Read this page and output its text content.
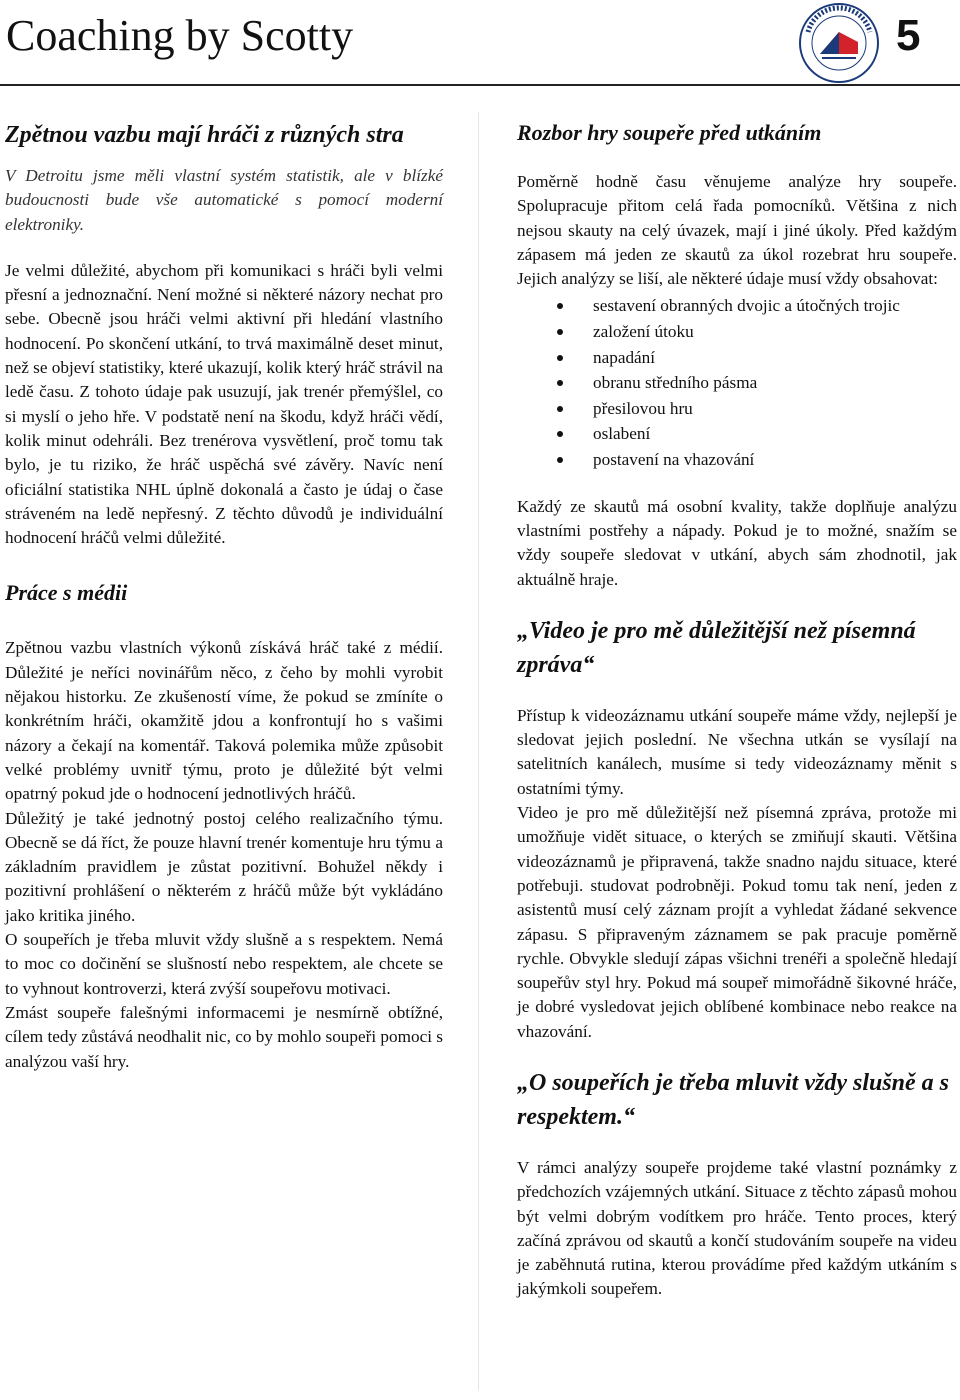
Coaching by Scotty	5
Zpětnou vazbu mají hráči z různých stra

V Detroitu jsme měli vlastní systém statistik, ale v blízké budoucnosti bude vše automatické s pomocí moderní elektroniky.

Je velmi důležité, abychom při komunikaci s hráči byli velmi přesní a jednoznační. Není možné si některé názory nechat pro sebe. Obecně jsou hráči velmi aktivní při hledání vlastního hodnocení. Po skončení utkání, to trvá maximálně deset minut, než se objeví statistiky, které ukazují, kolik který hráč strávil na ledě času. Z tohoto údaje pak usuzují, jak trenér přemýšlel, co si myslí o jeho hře. V podstatě není na škodu, když hráči vědí, kolik minut odehráli. Bez trenérova vysvětlení, proč tomu tak bylo, je tu riziko, že hráč uspěchá své závěry. Navíc není oficiální statistika NHL úplně dokonalá a často je údaj o čase stráveném na ledě nepřesný. Z těchto důvodů je individuální hodnocení hráčů velmi důležité.

Práce s médii

Zpětnou vazbu vlastních výkonů získává hráč také z médií. Důležité je neříci novinářům něco, z čeho by mohli vyrobit nějakou historku. Ze zkušeností víme, že pokud se zmíníte o konkrétním hráči, okamžitě jdou a konfrontují ho s vašimi názory a čekají na komentář. Taková polemika může způsobit velké problémy uvnitř týmu, proto je důležité být velmi opatrný pokud jde o hodnocení jednotlivých hráčů.

Důležitý je také jednotný postoj celého realizačního týmu. Obecně se dá říct, že pouze hlavní trenér komentuje hru týmu a základním pravidlem je zůstat pozitivní. Bohužel někdy i pozitivní prohlášení o některém z hráčů může být vykládáno jako kritika jiného.

O soupeřích je třeba mluvit vždy slušně a s respektem. Nemá to moc co dočinění se slušností nebo respektem, ale chcete se to vyhnout kontroverzi, která zvýší soupeřovu motivaci.

Zmást soupeře falešnými informacemi je nesmírně obtížné, cílem tedy zůstává neodhalit nic, co by mohlo soupeři pomoci s analýzou vaší hry.

Rozbor hry soupeře před utkáním

Poměrně hodně času věnujeme analýze hry soupeře. Spolupracuje přitom celá řada pomocníků. Většina z nich nejsou skauty na celý úvazek, mají i jiné úkoly. Před každým zápasem má jeden ze skautů za úkol rozebrat hru soupeře. Jejich analýzy se liší, ale některé údaje musí vždy obsahovat:

sestavení obranných dvojic a útočných trojic
založení útoku
napadání
obranu středního pásma
přesilovou hru
oslabení
postavení na vhazování

Každý ze skautů má osobní kvality, takže doplňuje analýzu vlastními postřehy a nápady. Pokud je to možné, snažím se vždy soupeře sledovat v utkání, abych sám zhodnotil, jak aktuálně hraje.

„Video je pro mě důležitější než písemná zpráva“

Přístup k videozáznamu utkání soupeře máme vždy, nejlepší je sledovat jejich poslední. Ne všechna utkán se vysílají na satelitních kanálech, musíme si tedy videozáznamy měnit s ostatními týmy.

Video je pro mě důležitější než písemná zpráva, protože mi umožňuje vidět situace, o kterých se zmiňují skauti. Většina videozáznamů je připravená, takže snadno najdu situace, které potřebuji. studovat podrobněji. Pokud tomu tak není, jeden z asistentů musí celý záznam projít a vyhledat žádané sekvence zápasu. S připraveným záznamem se pak pracuje poměrně rychle. Obvykle sledují zápas všichni trenéři a společně hledají soupeřův styl hry. Pokud má soupeř mimořádně šikovné hráče, je dobré vysledovat jejich oblíbené kombinace nebo reakce na vhazování.

„O soupeřích je třeba mluvit vždy slušně a s respektem.“

V rámci analýzy soupeře projdeme také vlastní poznámky z předchozích vzájemných utkání. Situace z těchto zápasů mohou být velmi dobrým vodítkem pro hráče. Tento proces, který začíná zprávou od skautů a končí studováním soupeře na videu je zaběhnutá rutina, kterou provádíme před každým utkáním s jakýmkoli soupeřem.
